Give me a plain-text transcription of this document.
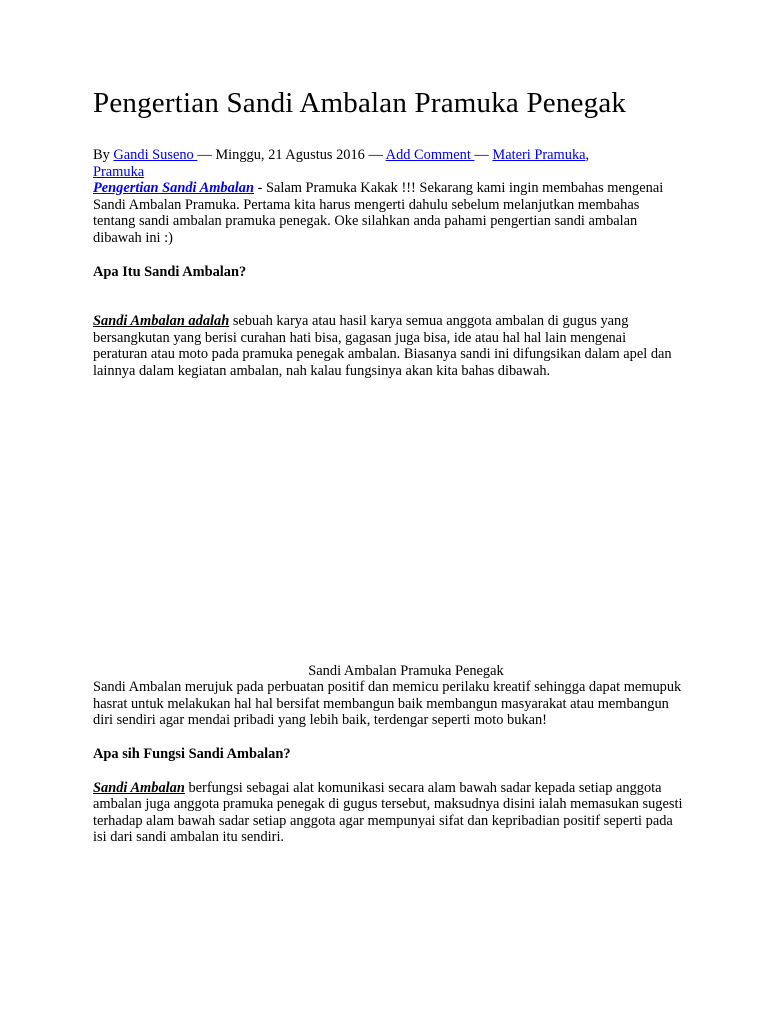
Pengertian Sandi Ambalan Pramuka Penegak

By Gandi Suseno — Minggu, 21 Agustus 2016 — Add Comment — Materi Pramuka,
Pramuka

Pengertian Sandi Ambalan - Salam Pramuka Kakak !!! Sekarang kami ingin membahas mengenai Sandi Ambalan Pramuka. Pertama kita harus mengerti dahulu sebelum melanjutkan membahas tentang sandi ambalan pramuka penegak. Oke silahkan anda pahami pengertian sandi ambalan dibawah ini :)

Apa Itu Sandi Ambalan?

Sandi Ambalan adalah sebuah karya atau hasil karya semua anggota ambalan di gugus yang bersangkutan yang berisi curahan hati bisa, gagasan juga bisa, ide atau hal hal lain mengenai peraturan atau moto pada pramuka penegak ambalan. Biasanya sandi ini difungsikan dalam apel dan lainnya dalam kegiatan ambalan, nah kalau fungsinya akan kita bahas dibawah.

Sandi Ambalan Pramuka Penegak

Sandi Ambalan merujuk pada perbuatan positif dan memicu perilaku kreatif sehingga dapat memupuk hasrat untuk melakukan hal hal bersifat membangun baik membangun masyarakat atau membangun diri sendiri agar mendai pribadi yang lebih baik, terdengar seperti moto bukan!

Apa sih Fungsi Sandi Ambalan?

Sandi Ambalan berfungsi sebagai alat komunikasi secara alam bawah sadar kepada setiap anggota ambalan juga anggota pramuka penegak di gugus tersebut, maksudnya disini ialah memasukan sugesti terhadap alam bawah sadar setiap anggota agar mempunyai sifat dan kepribadian positif seperti pada isi dari sandi ambalan itu sendiri.
